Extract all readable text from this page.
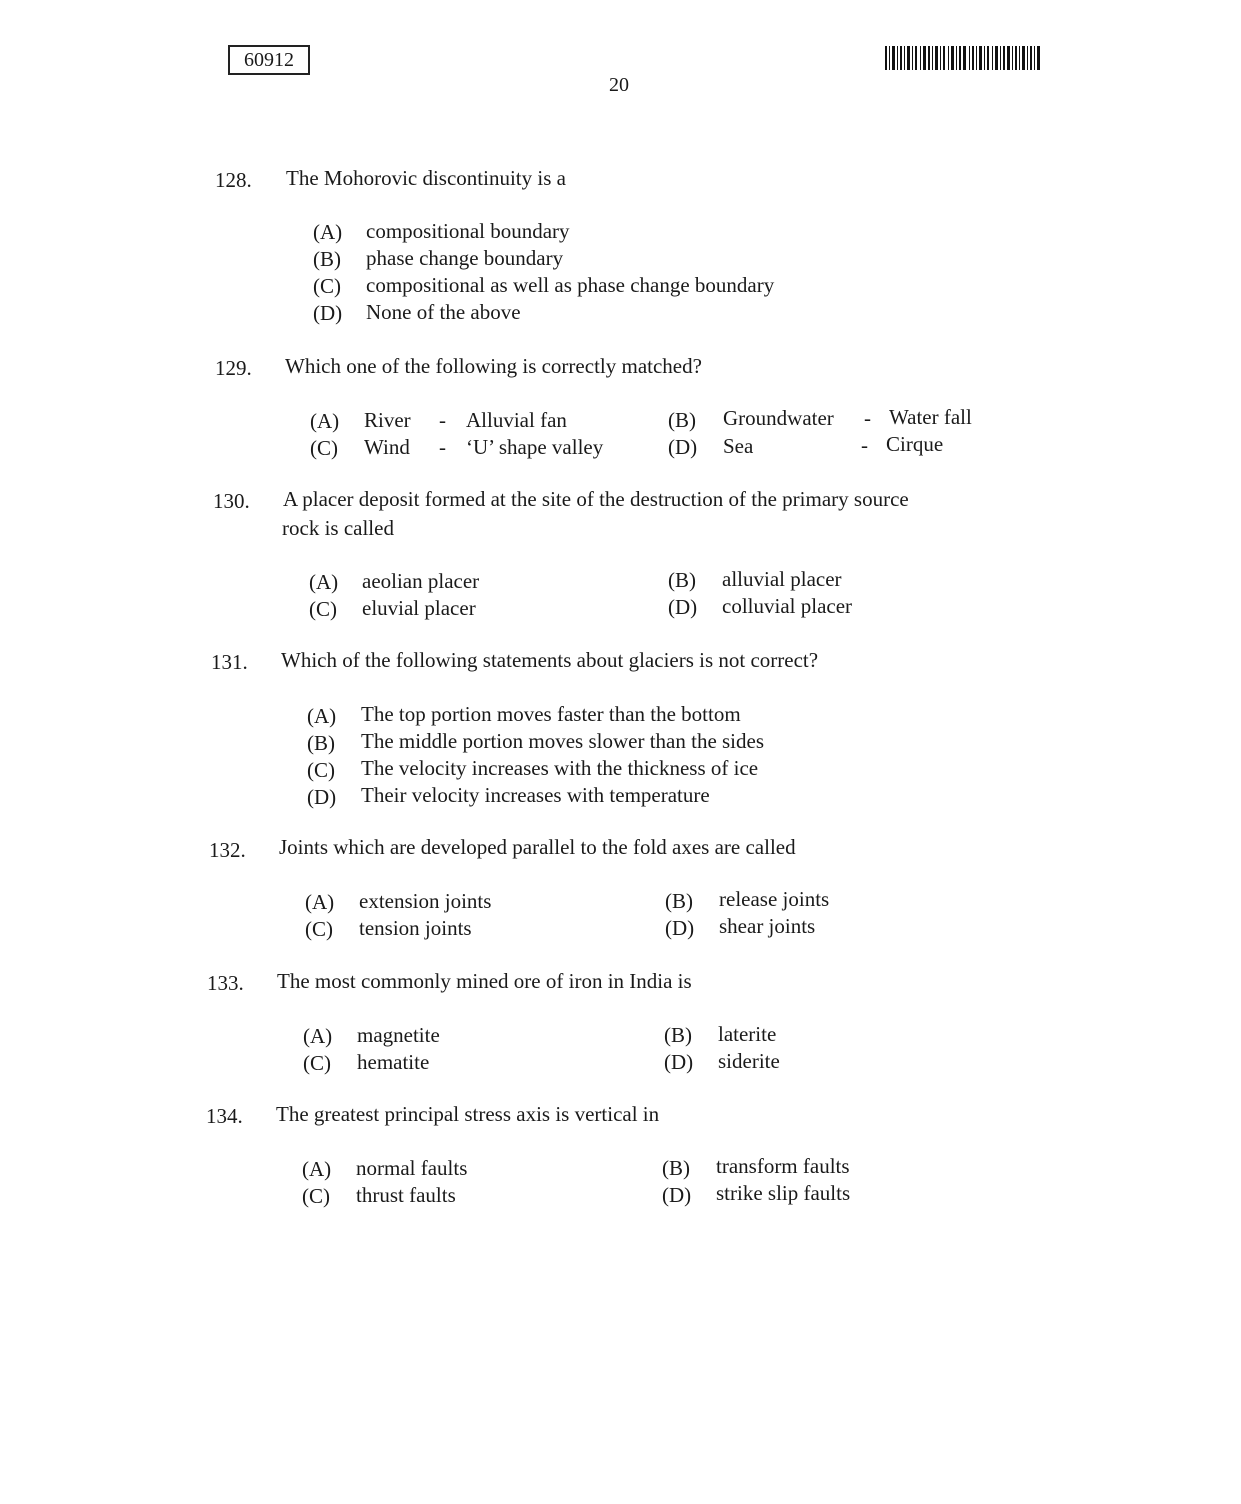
60912
20
128. The Mohorovic discontinuity is a
(A) compositional boundary
(B) phase change boundary
(C) compositional as well as phase change boundary
(D) None of the above
129. Which one of the following is correctly matched?
(A) River - Alluvial fan	(B) Groundwater - Water fall
(C) Wind - ‘U’ shape valley	(D) Sea	- Cirque
130. A placer deposit formed at the site of the destruction of the primary source
rock is called
(A) aeolian placer	(B) alluvial placer
(C) eluvial placer	(D) colluvial placer
131. Which of the following statements about glaciers is not correct?
(A) The top portion moves faster than the bottom
(B) The middle portion moves slower than the sides
(C) The velocity increases with the thickness of ice
(D) Their velocity increases with temperature
132. Joints which are developed parallel to the fold axes are called
(A) extension joints	(B) release joints
(C) tension joints	(D) shear joints
133. The most commonly mined ore of iron in India is
(A) magnetite	(B) laterite
(C) hematite	(D) siderite
134. The greatest principal stress axis is vertical in
(A) normal faults	(B) transform faults
(C) thrust faults	(D) strike slip faults
